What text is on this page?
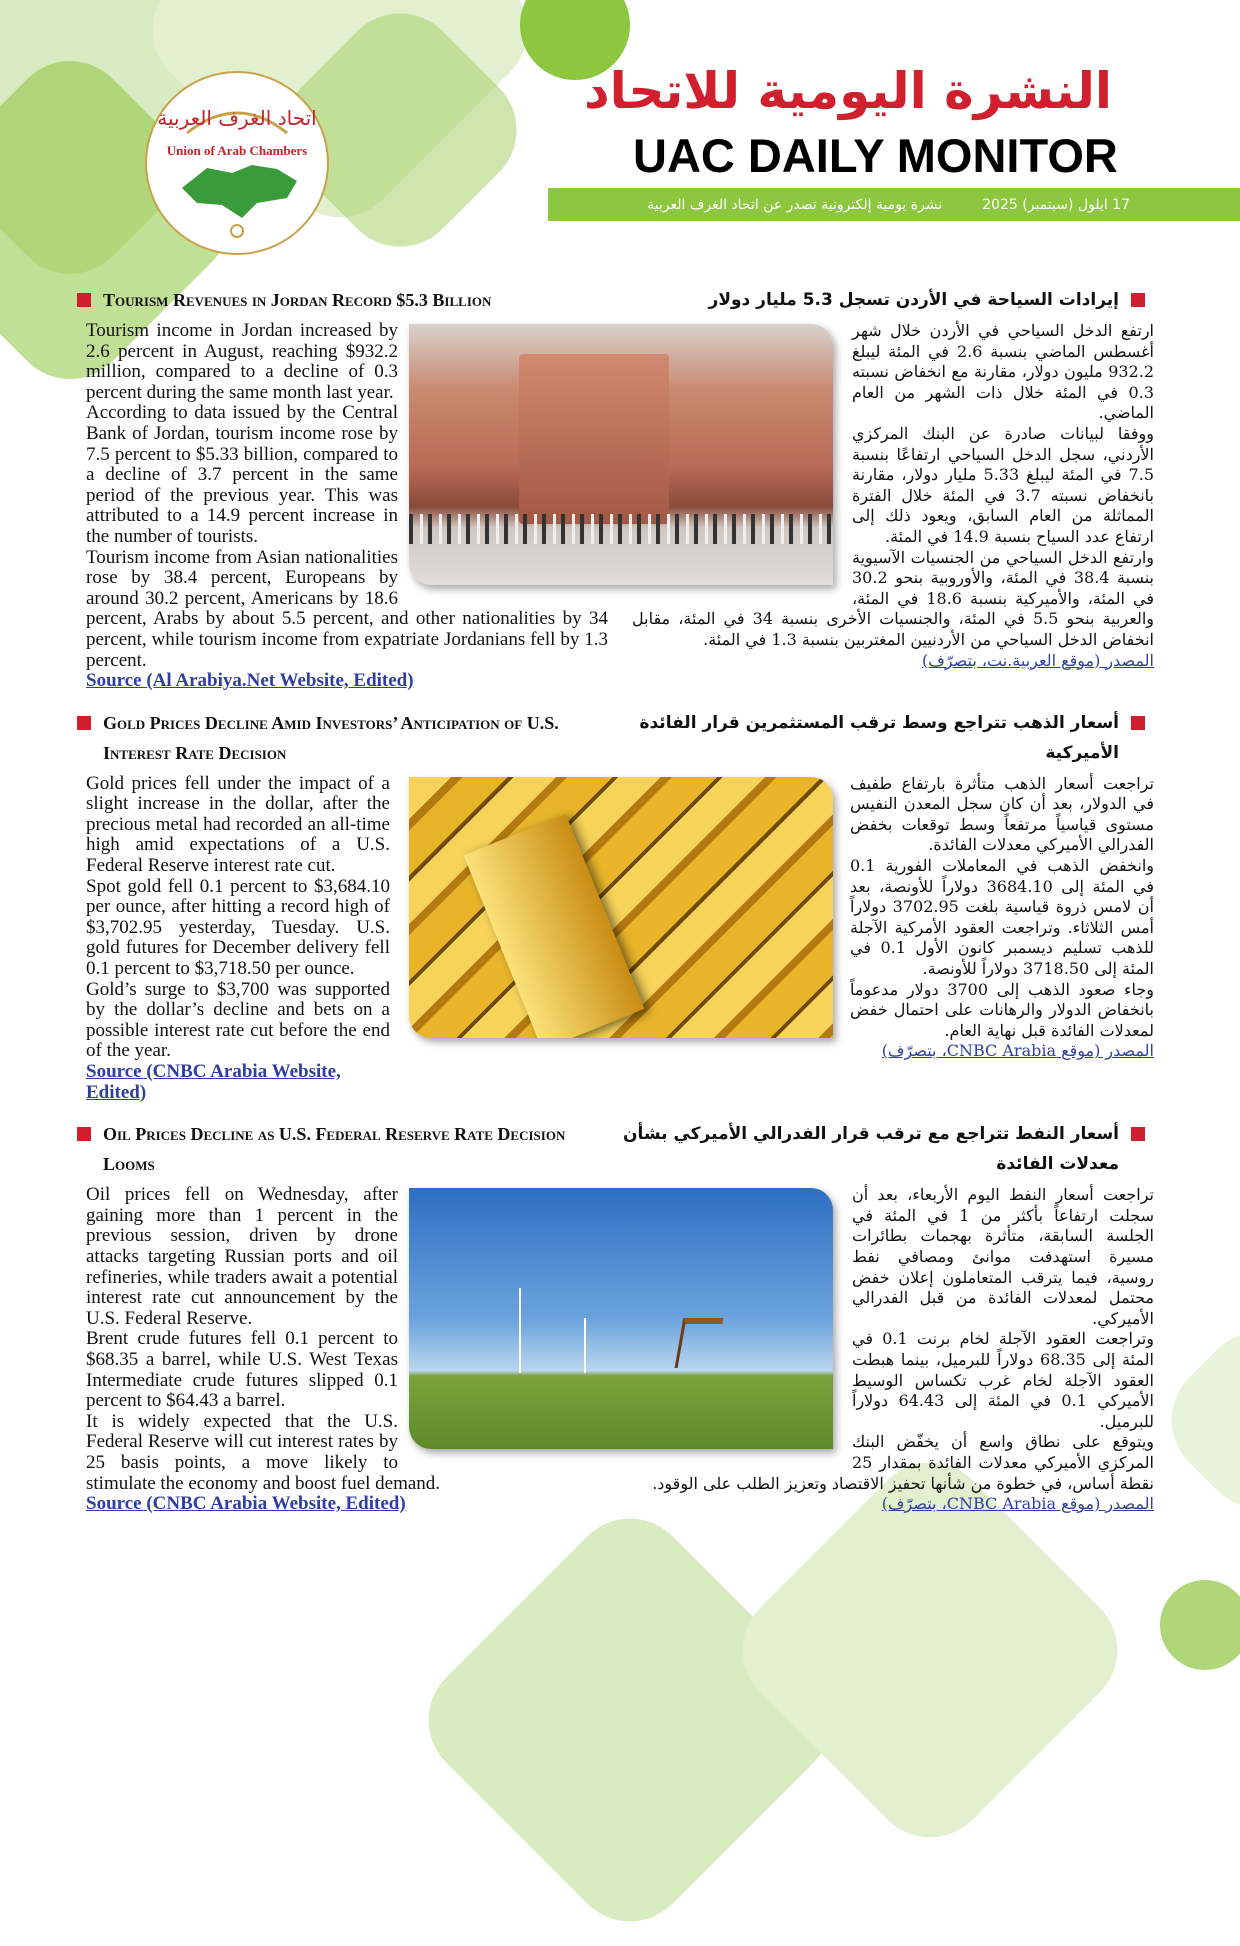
اتحاد الغرف العربية
Union of Arab Chambers
النشرة اليومية للاتحاد
UAC DAILY MONITOR
17 ايلول (سبتمبر) 2025
نشرة يومية إلكترونية تصدر عن اتحاد الغرف العربية
Tourism Revenues in Jordan Record $5.3 Billion	إيرادات السياحة في الأردن تسجل 5.3 مليار دولار

Tourism income in Jordan increased by 2.6 percent in August, reaching $932.2 million, compared to a decline of 0.3 percent during the same month last year.

According to data issued by the Central Bank of Jordan, tourism income rose by 7.5 percent to $5.33 billion, compared to a decline of 3.7 percent in the same period of the previous year. This was attributed to a 14.9 percent increase in the number of tourists.

Tourism income from Asian nationalities rose by 38.4 percent, Europeans by around 30.2 percent, Americans by 18.6 percent, Arabs by about 5.5 percent, and other nationalities by 34 percent, while tourism income from expatriate Jordanians fell by 1.3 percent.

Source (Al Arabiya.Net Website, Edited)

ارتفع الدخل السياحي في الأردن خلال شهر أغسطس الماضي بنسبة 2.6 في المئة ليبلغ 932.2 مليون دولار، مقارنة مع انخفاض نسبته 0.3 في المئة خلال ذات الشهر من العام الماضي.

ووفقا لبيانات صادرة عن البنك المركزي الأردني، سجل الدخل السياحي ارتفاعًا بنسبة 7.5 في المئة ليبلغ 5.33 مليار دولار، مقارنة بانخفاض نسبته 3.7 في المئة خلال الفترة المماثلة من العام السابق، ويعود ذلك إلى ارتفاع عدد السياح بنسبة 14.9 في المئة.

وارتفع الدخل السياحي من الجنسيات الآسيوية بنسبة 38.4 في المئة، والأوروبية بنحو 30.2 في المئة، والأميركية بنسبة 18.6 في المئة، والعربية بنحو 5.5 في المئة، والجنسيات الأخرى بنسبة 34 في المئة، مقابل انخفاض الدخل السياحي من الأردنيين المغتربين بنسبة 1.3 في المئة.

المصدر (موقع العربية.نت، بتصرّف)
Gold Prices Decline Amid Investors’ Anticipation of U.S. Interest Rate Decision
أسعار الذهب تتراجع وسط ترقب المستثمرين قرار الفائدة الأميركية

Gold prices fell under the impact of a slight increase in the dollar, after the precious metal had recorded an all-time high amid expectations of a U.S. Federal Reserve interest rate cut.

Spot gold fell 0.1 percent to $3,684.10 per ounce, after hitting a record high of $3,702.95 yesterday, Tuesday. U.S. gold futures for December delivery fell 0.1 percent to $3,718.50 per ounce.

Gold’s surge to $3,700 was supported by the dollar’s decline and bets on a possible interest rate cut before the end of the year.

Source (CNBC Arabia Website, Edited)

تراجعت أسعار الذهب متأثرة بارتفاع طفيف في الدولار، بعد أن كان سجل المعدن النفيس مستوى قياسياً مرتفعاً وسط توقعات بخفض الفدرالي الأميركي معدلات الفائدة.

وانخفض الذهب في المعاملات الفورية 0.1 في المئة إلى 3684.10 دولاراً للأونصة، بعد أن لامس ذروة قياسية بلغت 3702.95 دولاراً أمس الثلاثاء. وتراجعت العقود الأمركية الآجلة للذهب تسليم ديسمبر كانون الأول 0.1 في المئة إلى 3718.50 دولاراً للأونصة.

وجاء صعود الذهب إلى 3700 دولار مدعوماً بانخفاض الدولار والرهانات على احتمال خفض لمعدلات الفائدة قبل نهاية العام.

المصدر (موقع CNBC Arabia، بتصرّف)
Oil Prices Decline as U.S. Federal Reserve Rate Decision Looms
أسعار النفط تتراجع مع ترقب قرار الفدرالي الأميركي بشأن معدلات الفائدة

Oil prices fell on Wednesday, after gaining more than 1 percent in the previous session, driven by drone attacks targeting Russian ports and oil refineries, while traders await a potential interest rate cut announcement by the U.S. Federal Reserve.

Brent crude futures fell 0.1 percent to $68.35 a barrel, while U.S. West Texas Intermediate crude futures slipped 0.1 percent to $64.43 a barrel.

It is widely expected that the U.S. Federal Reserve will cut interest rates by 25 basis points, a move likely to stimulate the economy and boost fuel demand.

Source (CNBC Arabia Website, Edited)

تراجعت أسعار النفط اليوم الأربعاء، بعد أن سجلت ارتفاعاً بأكثر من 1 في المئة في الجلسة السابقة، متأثرة بهجمات بطائرات مسيرة استهدفت موانئ ومصافي نفط روسية، فيما يترقب المتعاملون إعلان خفض محتمل لمعدلات الفائدة من قبل الفدرالي الأميركي.

وتراجعت العقود الآجلة لخام برنت 0.1 في المئة إلى 68.35 دولاراً للبرميل، بينما هبطت العقود الآجلة لخام غرب تكساس الوسيط الأميركي 0.1 في المئة إلى 64.43 دولاراً للبرميل.

ويتوقع على نطاق واسع أن يخفّض البنك المركزي الأميركي معدلات الفائدة بمقدار 25 نقطة أساس، في خطوة من شأنها تحفيز الاقتصاد وتعزيز الطلب على الوقود.

المصدر (موقع CNBC Arabia، بتصرّف)
